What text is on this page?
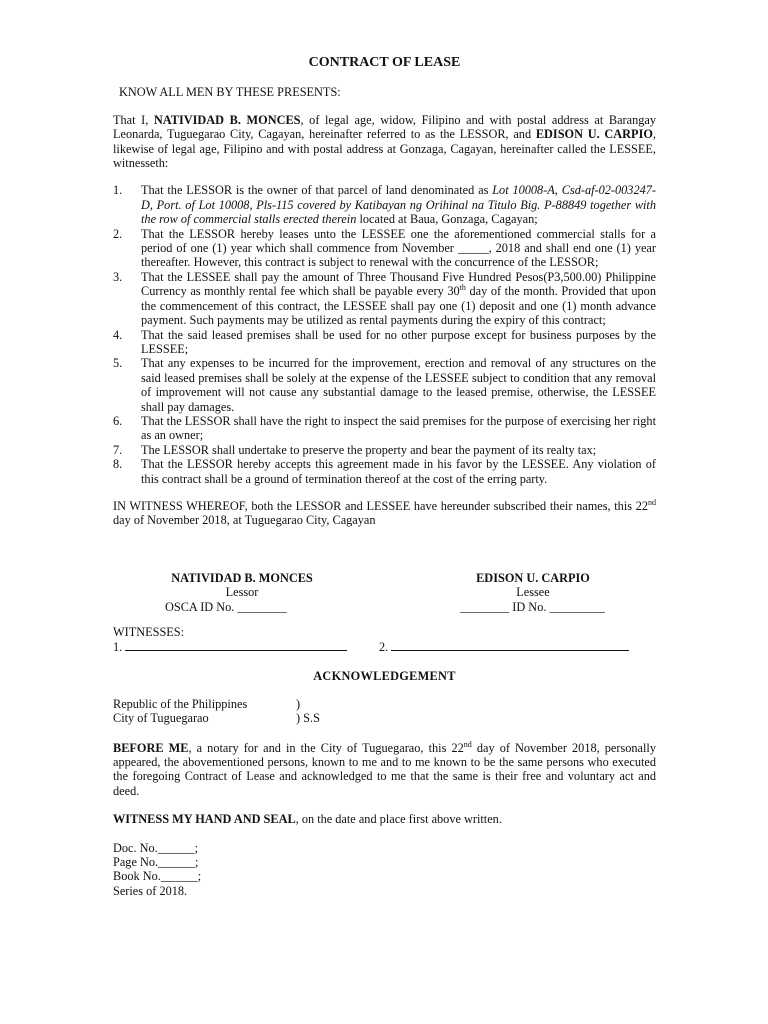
CONTRACT OF LEASE
KNOW ALL MEN BY THESE PRESENTS:

That I, NATIVIDAD B. MONCES, of legal age, widow, Filipino and with postal address at Barangay Leonarda, Tuguegarao City, Cagayan, hereinafter referred to as the LESSOR, and EDISON U. CARPIO, likewise of legal age, Filipino and with postal address at Gonzaga, Cagayan, hereinafter called the LESSEE, witnesseth:

1. That the LESSOR is the owner of that parcel of land denominated as Lot 10008-A, Csd-af-02-003247-D, Port. of Lot 10008, Pls-115 covered by Katibayan ng Orihinal na Titulo Big. P-88849 together with the row of commercial stalls erected therein located at Baua, Gonzaga, Cagayan;
2. That the LESSOR hereby leases unto the LESSEE one the aforementioned commercial stalls for a period of one (1) year which shall commence from November _____, 2018 and shall end one (1) year thereafter. However, this contract is subject to renewal with the concurrence of the LESSOR;
3. That the LESSEE shall pay the amount of Three Thousand Five Hundred Pesos(P3,500.00) Philippine Currency as monthly rental fee which shall be payable every 30th day of the month. Provided that upon the commencement of this contract, the LESSEE shall pay one (1) deposit and one (1) month advance payment. Such payments may be utilized as rental payments during the expiry of this contract;
4. That the said leased premises shall be used for no other purpose except for business purposes by the LESSEE;
5. That any expenses to be incurred for the improvement, erection and removal of any structures on the said leased premises shall be solely at the expense of the LESSEE subject to condition that any removal of improvement will not cause any substantial damage to the leased premise, otherwise, the LESSEE shall pay damages.
6. That the LESSOR shall have the right to inspect the said premises for the purpose of exercising her right as an owner;
7. The LESSOR shall undertake to preserve the property and bear the payment of its realty tax;
8. That the LESSOR hereby accepts this agreement made in his favor by the LESSEE. Any violation of this contract shall be a ground of termination thereof at the cost of the erring party.

IN WITNESS WHEREOF, both the LESSOR and LESSEE have hereunder subscribed their names, this 22nd day of November 2018, at Tuguegarao City, Cagayan

NATIVIDAD B. MONCES
Lessor
OSCA ID No. ________
EDISON U. CARPIO
Lessee
________ ID No. _________
WITNESSES:
1.	2.
ACKNOWLEDGEMENT
Republic of the Philippines	)
City of Tuguegarao	) S.S

BEFORE ME, a notary for and in the City of Tuguegarao, this 22nd day of November 2018, personally appeared, the abovementioned persons, known to me and to me known to be the same persons who executed the foregoing Contract of Lease and acknowledged to me that the same is their free and voluntary act and deed.

WITNESS MY HAND AND SEAL, on the date and place first above written.

Doc. No.______;
Page No.______;
Book No.______;
Series of 2018.
